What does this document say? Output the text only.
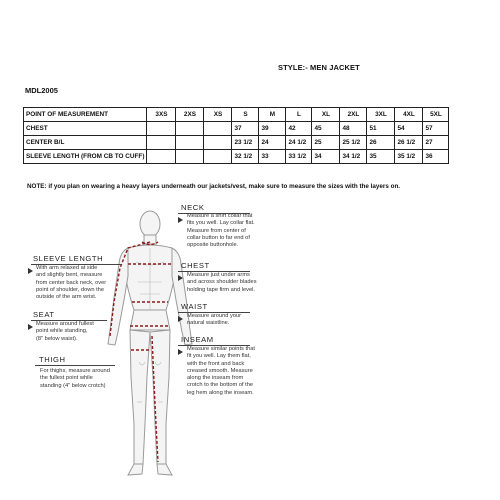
STYLE:- MEN JACKET
MDL2005
POINT OF MEASUREMENT	3XS	2XS	XS	S	M	L	XL	2XL	3XL	4XL	5XL
CHEST				37	39	42	45	48	51	54	57
CENTER B/L				23 1/2	24	24 1/2	25	25 1/2	26	26 1/2	27
SLEEVE LENGTH (FROM CB TO CUFF)				32 1/2	33	33 1/2	34	34 1/2	35	35 1/2	36
NOTE: if you plan on wearing a heavy layers underneath our jackets/vest, make sure to measure the sizes with the layers on.
NECK
Measure a shirt collar that
fits you well. Lay collar flat.
Measure from center of
collar button to far end of
opposite buttonhole.
CHEST
Measure just under arms
and across shoulder blades
holding tape firm and level.
WAIST
Measure around your
natural waistline.
INSEAM
Measure similar points that
fit you well. Lay them flat,
with the front and back
creased smooth. Measure
along the inseam from
crotch to the bottom of the
leg hem along the inseam.
SLEEVE LENGTH
With arm relaxed at side
and slightly bent, measure
from center back neck, over
point of shoulder, down the
outside of the arm wrist.
SEAT
Measure around fullest
point while standing,
(8" below waist).
THIGH
For thighs, measure around
the fullest point while
standing (4" below crotch)
